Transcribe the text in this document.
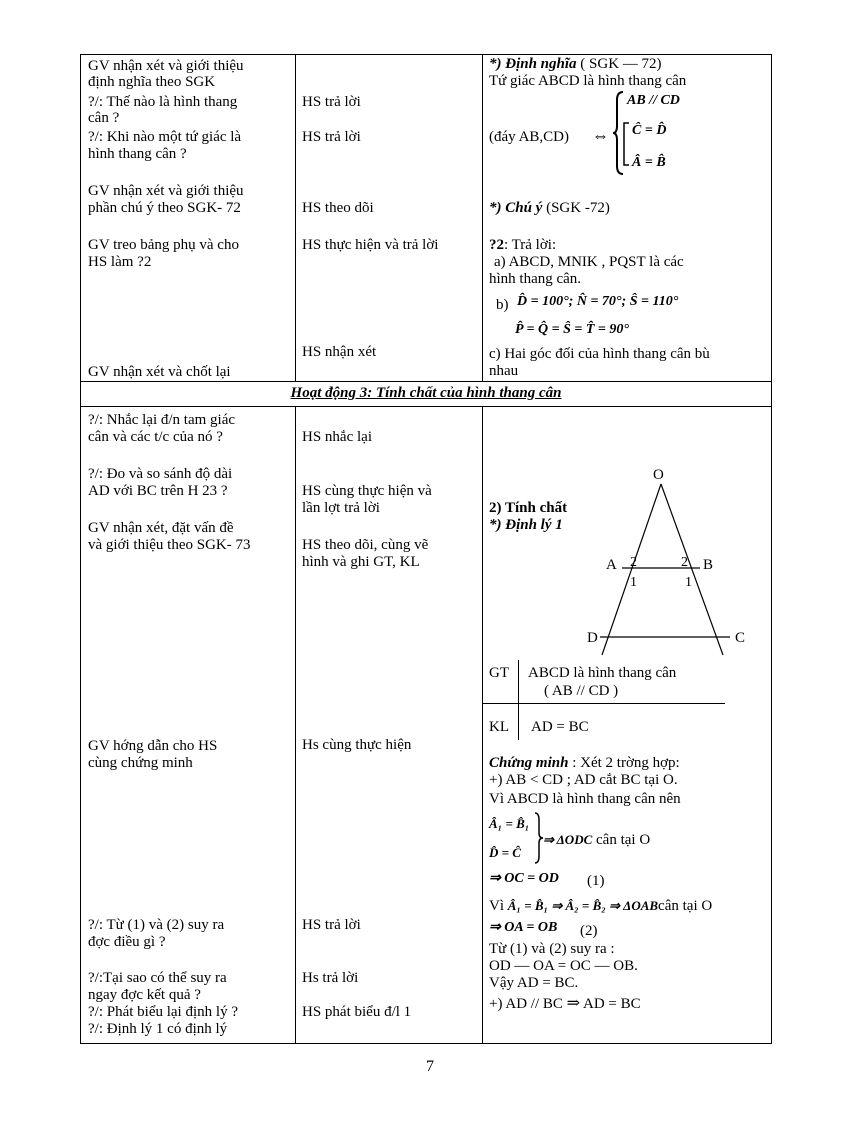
Hoạt động 3: Tính chất của hình thang cân
GV nhận xét và giới thiệu
định nghĩa theo SGK
?/: Thế nào là hình thang
cân ?
?/: Khi nào một tứ giác là
hình thang cân ?
GV nhận xét và giới thiệu
phần chú ý theo SGK- 72
GV treo bảng phụ và cho
HS làm ?2
GV nhận xét và chốt lại
HS trả lời
HS trả lời
HS theo dõi
HS thực hiện và trả lời
HS nhận xét
*) Định nghĩa ( SGK — 72)
Tứ giác ABCD là hình thang cân
(đáy AB,CD) ⇔
AB // CD
Ĉ = D̂
Â = B̂
*) Chú ý (SGK -72)
?2: Trả lời:
a) ABCD, MNIK , PQST là các
hình thang cân.
b) D̂ = 100°; N̂ = 70°; Ŝ = 110°
P̂ = Q̂ = Ŝ = T̂ = 90°
c) Hai góc đối của hình thang cân bù
nhau
?/: Nhắc lại đ/n tam giác
cân và các t/c của nó ?
?/: Đo và so sánh độ dài
AD với BC trên H 23 ?
GV nhận xét, đặt vấn đề
và giới thiệu theo SGK- 73
GV hớng dẫn cho HS
cùng chứng minh
?/: Từ (1) và (2) suy ra
đợc điều gì ?
?/:Tại sao có thể suy ra
ngay đợc kết quả ?
?/: Phát biểu lại định lý ?
?/: Định lý 1 có định lý
HS nhắc lại
HS cùng thực hiện và
lần lợt trả lời
HS theo dõi, cùng vẽ
hình và ghi GT, KL
Hs cùng thực hiện
HS trả lời
Hs trả lời
HS phát biểu đ/l 1
2) Tính chất
*) Định lý 1
O
A	B
D	C
2
1
2
1
GT ABCD là hình thang cân
( AB // CD )
KL AD = BC
Chứng minh : Xét 2 trờng hợp:
+) AB < CD ; AD cắt BC tại O.
Vì ABCD là hình thang cân nên
Â₁ = B̂₁
D̂ = Ĉ
⇒ ΔODC cân tại O
⇒ OC = OD (1)
Vì Â₁ = B̂₁ ⇒ Â₂ = B̂₂ ⇒ ΔOABcân tại O
⇒ OA = OB (2)
Từ (1) và (2) suy ra :
OD — OA = OC — OB.
Vậy AD = BC.
+) AD // BC ⇒ AD = BC
7
